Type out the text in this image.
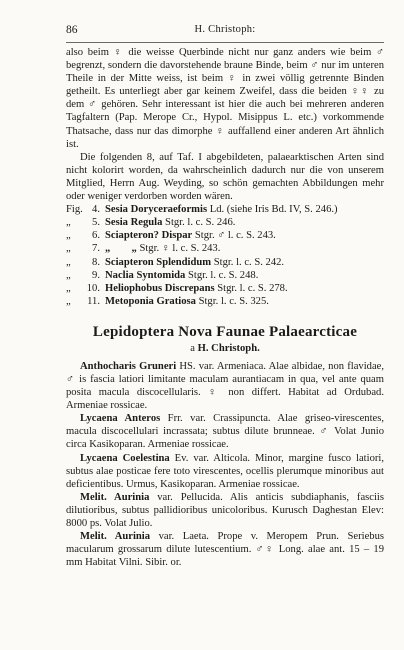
86	H. Christoph:

also beim ♀ die weisse Querbinde nicht nur ganz anders wie beim ♂ begrenzt, sondern die davorstehende braune Binde, beim ♂ nur im unteren Theile in der Mitte weiss, ist beim ♀ in zwei völlig getrennte Binden getheilt. Es unterliegt aber gar keinem Zweifel, dass die beiden ♀♀ zu dem ♂ gehören. Sehr interessant ist hier die auch bei mehreren anderen Tagfaltern (Pap. Merope Cr., Hypol. Misippus L. etc.) vorkommende Thatsache, dass nur das dimorphe ♀ auffallend einer anderen Art ähnlich ist.

Die folgenden 8, auf Taf. I abgebildeten, palaearktischen Arten sind nicht kolorirt worden, da wahrscheinlich dadurch nur die von unserem Mitglied, Herrn Aug. Weyding, so schön gemachten Abbildungen mehr oder weniger verdorben worden wären.

Fig. 4. Sesia Doryceraeformis Ld. (siehe Iris Bd. IV, S. 246.)
„	5. Sesia Regula Stgr. l. c. S. 246.
„	6. Sciapteron? Dispar Stgr. ♂ l. c. S. 243.
„	7. „        „ Stgr. ♀ l. c. S. 243.
„	8. Sciapteron Splendidum Stgr. l. c. S. 242.
„	9. Naclia Syntomida Stgr. l. c. S. 248.
„	10. Heliophobus Discrepans Stgr. l. c. S. 278.
„	11. Metoponia Gratiosa Stgr. l. c. S. 325.
Lepidoptera Nova Faunae Palaearcticae
a H. Christoph.

Anthocharis Gruneri HS. var. Armeniaca. Alae albidae, non flavidae, ♂ is fascia latiori limitante maculam aurantiacam in qua, vel ante quam posita macula discocellularis. ♀ non differt. Habitat ad Ordubad. Armeniae rossicae.

Lycaena Anteros Frr. var. Crassipuncta. Alae griseo-virescentes, macula discocellulari incrassata; subtus dilute brunneae. ♂ Volat Junio circa Kasikoparan. Armeniae rossicae.

Lycaena Coelestina Ev. var. Alticola. Minor, margine fusco latiori, subtus alae posticae fere toto virescentes, ocellis plerumque minoribus aut deficientibus. Urmus, Kasikoparan. Armeniae rossicae.

Melit. Aurinia var. Pellucida. Alis anticis subdiaphanis, fasciis dilutioribus, subtus pallidioribus unicoloribus. Kurusch Daghestan Elev: 8000 ps. Volat Julio.

Melit. Aurinia var. Laeta. Prope v. Meropem Prun. Seriebus macularum grossarum dilute lutescentium. ♂♀ Long. alae ant. 15 – 19 mm Habitat Vilni. Sibir. or.
